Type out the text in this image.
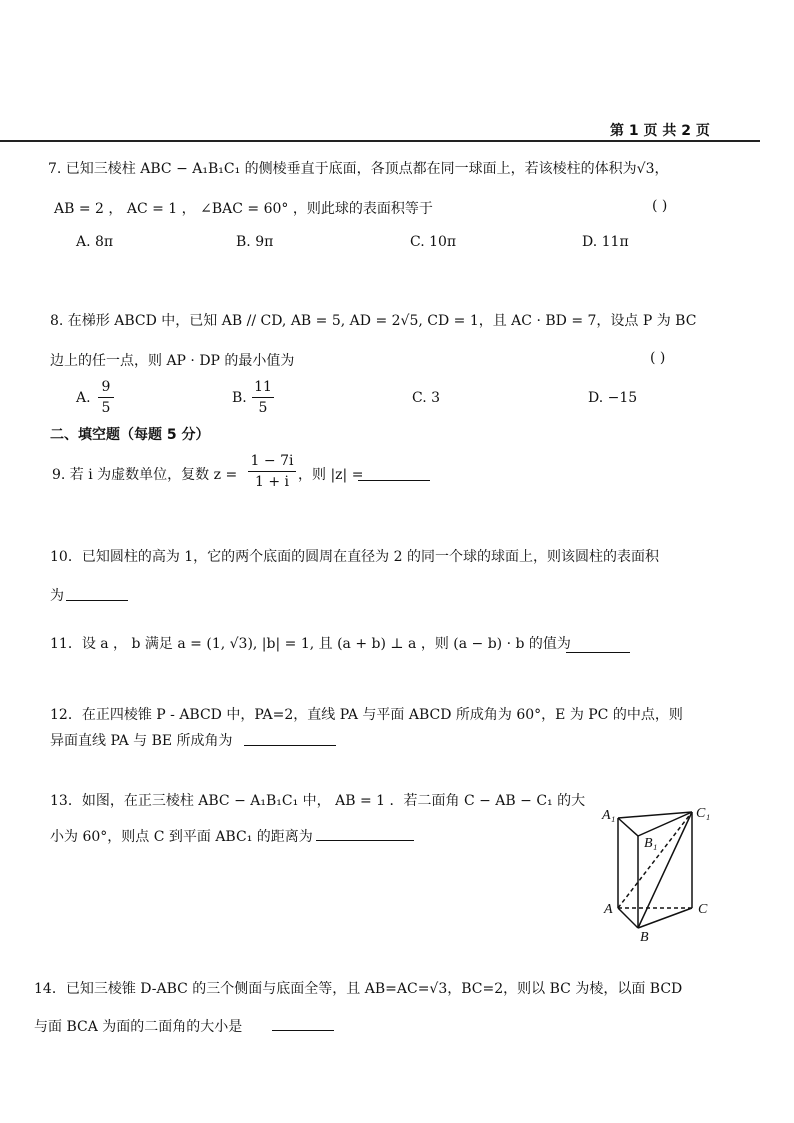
第 1 页 共 2 页
7. 已知三棱柱 ABC − A₁B₁C₁ 的侧棱垂直于底面，各顶点都在同一球面上，若该棱柱的体积为√3，
AB = 2 ， AC = 1 ， ∠BAC = 60° ，则此球的表面积等于	( )
A. 8π	B. 9π	C. 10π	D. 11π
8. 在梯形 ABCD 中，已知 AB // CD, AB = 5, AD = 2√5, CD = 1，且 AC · BD = 7，设点 P 为 BC
边上的任一点，则 AP · DP 的最小值为	( )
A.
9
5
B.
11
5
C. 3	D. −15
二、填空题（每题 5 分）
9. 若 i 为虚数单位，复数 z =
1 − 7i
1 + i ，则 |z| =
10．已知圆柱的高为 1，它的两个底面的圆周在直径为 2 的同一个球的球面上，则该圆柱的表面积
为
11．设 a ， b 满足 a = (1, √3), |b| = 1, 且 (a + b) ⊥ a ，则 (a − b) · b 的值为
12．在正四棱锥 P - ABCD 中，PA=2，直线 PA 与平面 ABCD 所成角为 60°，E 为 PC 的中点，则
异面直线 PA 与 BE 所成角为
13．如图，在正三棱柱 ABC − A₁B₁C₁ 中， AB = 1 ．若二面角 C − AB − C₁ 的大
小为 60°，则点 C 到平面 ABC₁ 的距离为
A₁	C₁
B₁
A	C
B
14．已知三棱锥 D-ABC 的三个侧面与底面全等，且 AB=AC=√3，BC=2，则以 BC 为棱，以面 BCD
与面 BCA 为面的二面角的大小是
